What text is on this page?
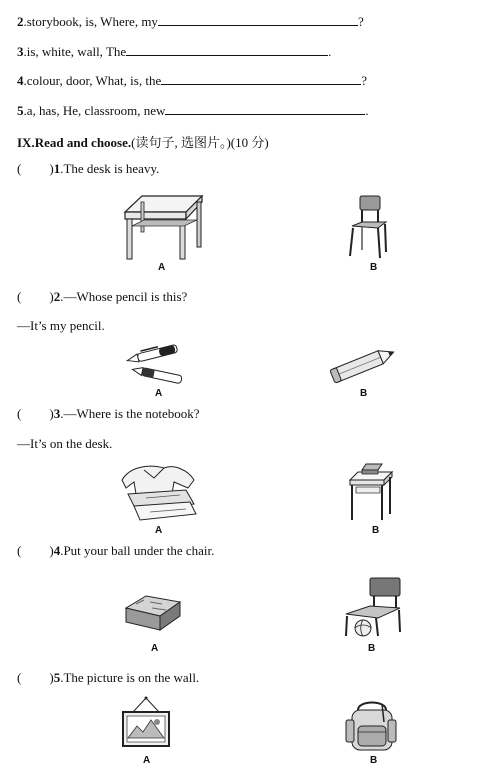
2.storybook, is, Where, my	?
3.is, white, wall, The	.
4.colour, door, What, is, the	?
5.a, has, He, classroom, new	.
IX.Read and choose.(读句子, 选图片。)(10 分)
( )1.The desk is heavy.
A	B
( )2.—Whose pencil is this?
—It’s my pencil.
A	B
( )3.—Where is the notebook?
—It’s on the desk.
A	B
( )4.Put your ball under the chair.
A	B
( )5.The picture is on the wall.
A	B
